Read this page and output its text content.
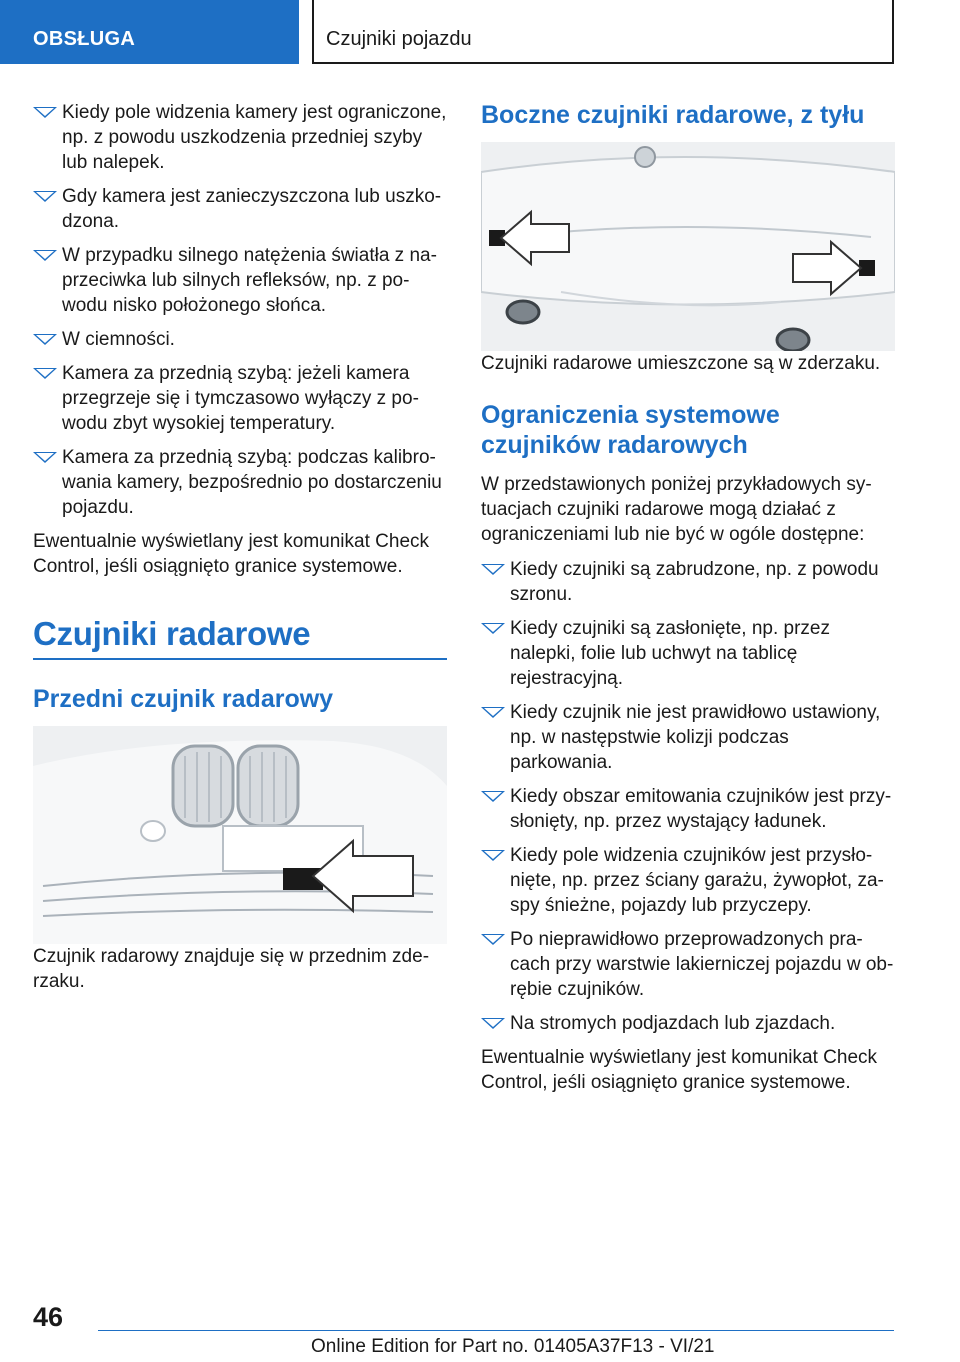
OBSŁUGA	Czujniki pojazdu
Kiedy pole widzenia kamery jest ograniczone, np. z powodu uszkodzenia przedniej szyby lub nalepek.
Gdy kamera jest zanieczyszczona lub uszkodzona.
W przypadku silnego natężenia światła z naprzeciwka lub silnych refleksów, np. z powodu nisko położonego słońca.
W ciemności.
Kamera za przednią szybą: jeżeli kamera przegrzeje się i tymczasowo wyłączy z powodu zbyt wysokiej temperatury.
Kamera za przednią szybą: podczas kalibrowania kamery, bezpośrednio po dostarczeniu pojazdu.

Ewentualnie wyświetlany jest komunikat Check Control, jeśli osiągnięto granice systemowe.

Czujniki radarowe
Przedni czujnik radarowy

Czujnik radarowy znajduje się w przednim zderzaku.

Boczne czujniki radarowe, z tyłu

Czujniki radarowe umieszczone są w zderzaku.

Ograniczenia systemowe czujników radarowych

W przedstawionych poniżej przykładowych sytuacjach czujniki radarowe mogą działać z ograniczeniami lub nie być w ogóle dostępne:

Kiedy czujniki są zabrudzone, np. z powodu szronu.
Kiedy czujniki są zasłonięte, np. przez nalepki, folie lub uchwyt na tablicę rejestracyjną.
Kiedy czujnik nie jest prawidłowo ustawiony, np. w następstwie kolizji podczas parkowania.
Kiedy obszar emitowania czujników jest przysłonięty, np. przez wystający ładunek.
Kiedy pole widzenia czujników jest przysłonięte, np. przez ściany garażu, żywopłot, zaspy śnieżne, pojazdy lub przyczepy.
Po nieprawidłowo przeprowadzonych pracach przy warstwie lakierniczej pojazdu w obrębie czujników.
Na stromych podjazdach lub zjazdach.

Ewentualnie wyświetlany jest komunikat Check Control, jeśli osiągnięto granice systemowe.

46
Online Edition for Part no. 01405A37F13 - VI/21
